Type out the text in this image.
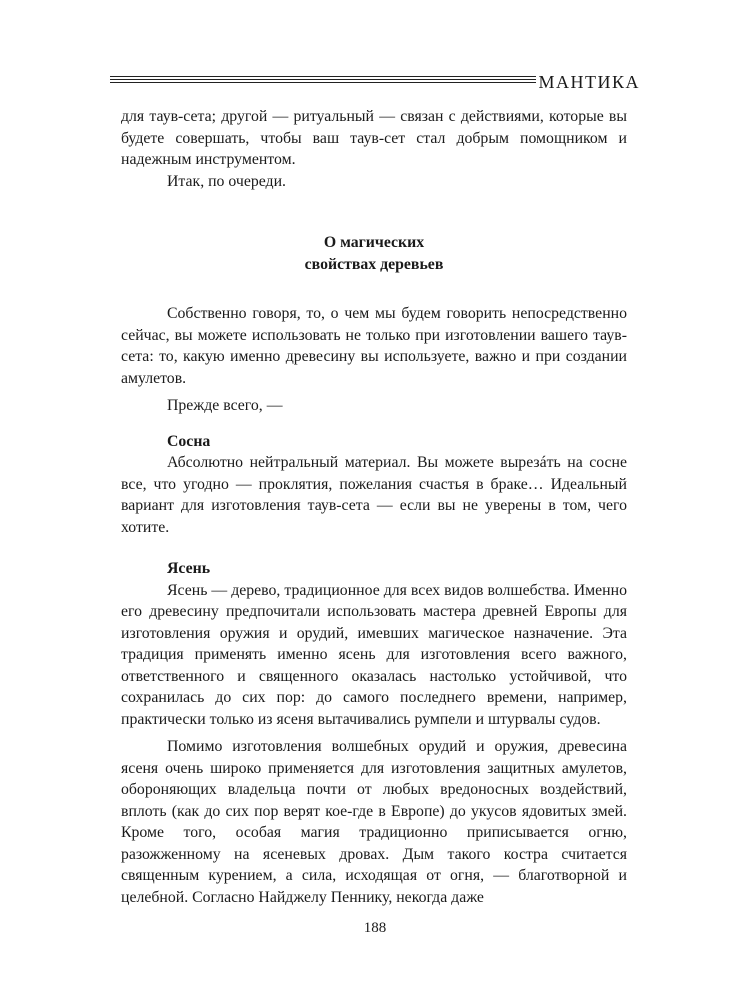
МАНТИКА

для таув-сета; другой — ритуальный — связан с действиями, которые вы будете совершать, чтобы ваш таув-сет стал добрым помощником и надежным инструментом.

Итак, по очереди.

О магических
свойствах деревьев

Собственно говоря, то, о чем мы будем говорить непосредственно сейчас, вы можете использовать не только при изготовлении вашего таув-сета: то, какую именно древесину вы используете, важно и при создании амулетов.

Прежде всего, —

Сосна

Абсолютно нейтральный материал. Вы можете вырезáть на сосне все, что угодно — проклятия, пожелания счастья в браке… Идеальный вариант для изготовления таув-сета — если вы не уверены в том, чего хотите.

Ясень

Ясень — дерево, традиционное для всех видов волшебства. Именно его древесину предпочитали использовать мастера древней Европы для изготовления оружия и орудий, имевших магическое назначение. Эта традиция применять именно ясень для изготовления всего важного, ответственного и священного оказалась настолько устойчивой, что сохранилась до сих пор: до самого последнего времени, например, практически только из ясеня вытачивались румпели и штурвалы судов.

Помимо изготовления волшебных орудий и оружия, древесина ясеня очень широко применяется для изготовления защитных амулетов, обороняющих владельца почти от любых вредоносных воздействий, вплоть (как до сих пор верят кое-где в Европе) до укусов ядовитых змей. Кроме того, особая магия традиционно приписывается огню, разожженному на ясеневых дровах. Дым такого костра считается священным курением, а сила, исходящая от огня, — благотворной и целебной. Согласно Найджелу Пеннику, некогда даже

188
